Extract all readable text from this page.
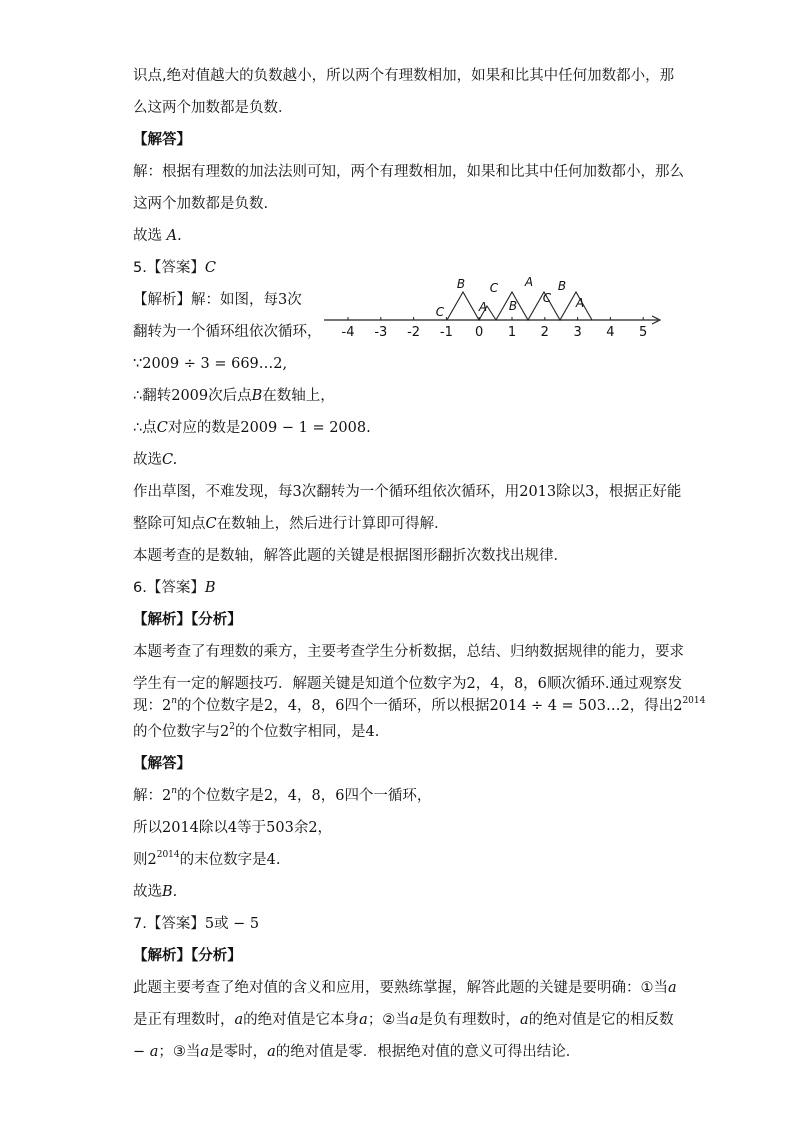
识点,绝对值越大的负数越小，所以两个有理数相加，如果和比其中任何加数都小，那
么这两个加数都是负数．
【解答】
解：根据有理数的加法法则可知，两个有理数相加，如果和比其中任何加数都小，那么
这两个加数都是负数.
故选 A.
5.【答案】C
【解析】解：如图，每3次
翻转为一个循环组依次循环， -4 -3 -2 -1 0 1 2 3 4 5
C
B
A
C
B
A
C
B
A
∵2009 ÷ 3 = 669…2,
∴翻转2009次后点B在数轴上，
∴点C对应的数是2009 − 1 = 2008.
故选C.
作出草图，不难发现，每3次翻转为一个循环组依次循环，用2013除以3，根据正好能
整除可知点C在数轴上，然后进行计算即可得解．
本题考查的是数轴，解答此题的关键是根据图形翻折次数找出规律．
6.【答案】B
【解析】【分析】
本题考查了有理数的乘方，主要考查学生分析数据，总结、归纳数据规律的能力，要求
学生有一定的解题技巧．解题关键是知道个位数字为2，4，8，6顺次循环.通过观察发
现：2$^n$的个位数字是2，4，8，6四个一循环，所以根据2014 ÷ 4 = 503…2，得出$2^{2014}$
的个位数字与$2^2$的个位数字相同，是4.
【解答】
解：2$^n$的个位数字是2，4，8，6四个一循环，
所以2014除以4等于503余2，
则$2^{2014}$的末位数字是4.
故选B.
7.【答案】5或 − 5
【解析】【分析】
此题主要考查了绝对值的含义和应用，要熟练掌握，解答此题的关键是要明确：①当a
是正有理数时，a的绝对值是它本身a；②当a是负有理数时，a的绝对值是它的相反数
− a；③当a是零时，a的绝对值是零．根据绝对值的意义可得出结论．
